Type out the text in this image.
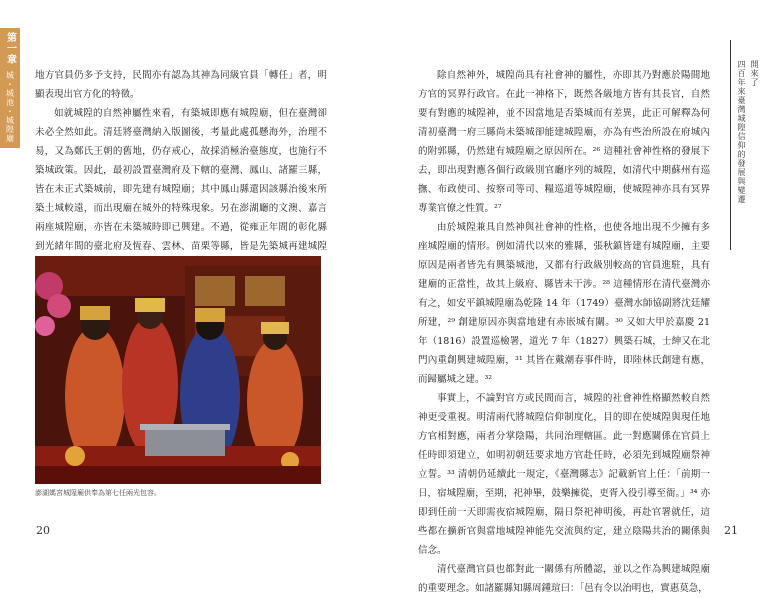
第一章
城・城池・城隍廟 地方官員仍多予支持，民間亦有認為其神為同級官員「轉任」者，明顯表現出官方化的特徵。

如就城隍的自然神屬性來看，有築城即應有城隍廟，但在臺灣卻未必全然如此。清廷將臺灣納入版圖後，考量此處孤懸海外，治理不易，又為鄭氏王朝的舊地，仍存戒心，故採消極治臺態度，也施行不築城政策。因此，最初設置臺灣府及下轄的臺灣、鳳山、諸羅三縣，皆在未正式築城前，即先建有城隍廟；其中鳳山縣還因該縣治後來所築土城較遠，而出現廟在城外的特殊現象。另在澎湖廳的文澳、嘉言兩座城隍廟，亦皆在未築城時即已興建。不過，從雍正年間的彰化縣到光緒年間的臺北府及恆春、雲林、苗栗等縣，皆是先築城再建城隍

澎湖媽宮城隍廟供奉為第七任兩光包容。
20

除自然神外，城隍尚具有社會神的屬性，亦即其乃對應於陽間地方官的冥界行政官。在此一神格下，既然各級地方皆有其長官，自然要有對應的城隍神，並不因當地是否築城而有差異，此正可解釋為何清初臺灣一府三縣尚未築城卻能建城隍廟，亦為有些治所設在府城內的附郭縣，仍然建有城隍廟之原因所在。²⁶ 這種社會神性格的發展下去，即出現對應各個行政級別官廳序列的城隍，如清代中期蘇州有巡撫、布政使司、按察司等司、糧巡道等城隍廟，使城隍神亦具有冥界專業官僚之性質。²⁷

由於城隍兼具自然神與社會神的性格，也使各地出現不少擁有多座城隍廟的情形。例如清代以來的雅縣，張秋鎮皆建有城隍廟，主要原因是兩者皆先有興築城池，又都有行政級別較高的官員進駐，具有建廟的正當性，故其上級府、縣皆未干涉。²⁸ 這種情形在清代臺灣亦有之，如安平鎮城隍廟為乾隆 14 年（1749）臺灣水師協副將沈廷耀所建，²⁹ 創建原因亦與當地建有赤嵌城有關。³⁰ 又如大甲於嘉慶 21 年（1816）設置巡檢署，道光 7 年（1827）興築石城，士紳又在北門內重創興建城隍廟，³¹ 其皆在戴潮春事件時，即陸林氏創建有應，而歸屬城之建。³²

事實上，不論對官方或民間而言，城隍的社會神性格顯然較自然神更受重視。明清兩代將城隍信仰制度化，目的即在使城隍與現任地方官相對應，兩者分掌陰陽，共同治理轄區。此一對應關係在官員上任時即須建立，如明初朝廷要求地方官赴任時，必須先到城隍廟祭神立誓。³³ 清朝仍延續此一規定，《臺灣縣志》記載新官上任：「前期一日，宿城隍廟，至期，祀神畢，鼓樂擁從，吏胥入役引導至衙。」³⁴ 亦即到任前一天即需夜宿城隍廟，隔日祭祀神明後，再赴官署就任，這些都在擴新官與當地城隍神能先交流與約定，建立陰陽共治的關係與信念。

清代臺灣官員也都對此一關係有所體認，並以之作為興建城隍廟的重要理念。如諸羅縣知縣周鍾瑄曰：「邑有令以治明也，實惠莫急，

開來了
四百年來臺灣城隍信仰的發展與變遷
21
